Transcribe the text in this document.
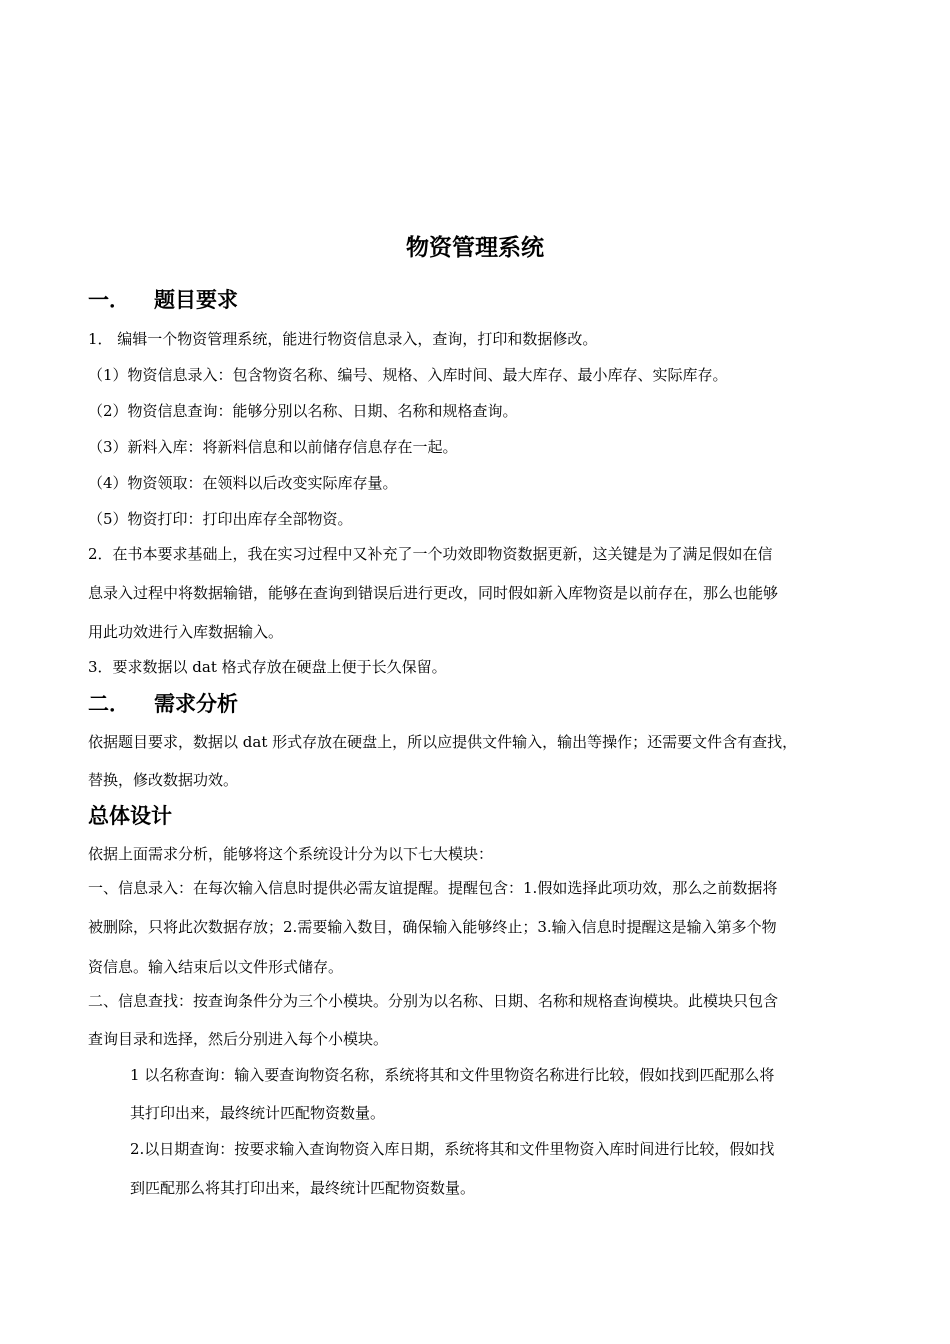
物资管理系统
一． 题目要求
1． 编辑一个物资管理系统，能进行物资信息录入，查询，打印和数据修改。
（1）物资信息录入：包含物资名称、编号、规格、入库时间、最大库存、最小库存、实际库存。
（2）物资信息查询：能够分别以名称、日期、名称和规格查询。
（3）新料入库：将新料信息和以前储存信息存在一起。
（4）物资领取：在领料以后改变实际库存量。
（5）物资打印：打印出库存全部物资。
2．在书本要求基础上，我在实习过程中又补充了一个功效即物资数据更新，这关键是为了满足假如在信
息录入过程中将数据输错，能够在查询到错误后进行更改，同时假如新入库物资是以前存在，那么也能够
用此功效进行入库数据输入。
3．要求数据以 dat 格式存放在硬盘上便于长久保留。
二． 需求分析
依据题目要求，数据以 dat 形式存放在硬盘上，所以应提供文件输入，输出等操作；还需要文件含有查找，
替换，修改数据功效。
总体设计
依据上面需求分析，能够将这个系统设计分为以下七大模块：
一、信息录入：在每次输入信息时提供必需友谊提醒。提醒包含：1.假如选择此项功效，那么之前数据将
被删除，只将此次数据存放；2.需要输入数目，确保输入能够终止；3.输入信息时提醒这是输入第多个物
资信息。输入结束后以文件形式储存。
二、信息查找：按查询条件分为三个小模块。分别为以名称、日期、名称和规格查询模块。此模块只包含
查询目录和选择，然后分别进入每个小模块。
1 以名称查询：输入要查询物资名称，系统将其和文件里物资名称进行比较，假如找到匹配那么将
其打印出来，最终统计匹配物资数量。
2.以日期查询：按要求输入查询物资入库日期，系统将其和文件里物资入库时间进行比较，假如找
到匹配那么将其打印出来，最终统计匹配物资数量。
